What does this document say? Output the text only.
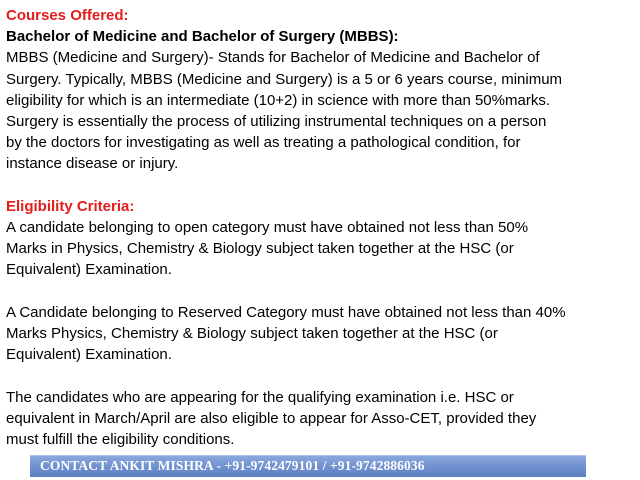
Courses Offered:
Bachelor of Medicine and Bachelor of Surgery (MBBS):
MBBS (Medicine and Surgery)- Stands for Bachelor of Medicine and Bachelor of
Surgery. Typically, MBBS (Medicine and Surgery) is a 5 or 6 years course, minimum
eligibility for which is an intermediate (10+2) in science with more than 50%marks.
Surgery is essentially the process of utilizing instrumental techniques on a person
by the doctors for investigating as well as treating a pathological condition, for
instance disease or injury.
Eligibility Criteria:
A candidate belonging to open category must have obtained not less than 50%
Marks in Physics, Chemistry & Biology subject taken together at the HSC (or
Equivalent) Examination.
A Candidate belonging to Reserved Category must have obtained not less than 40%
Marks Physics, Chemistry & Biology subject taken together at the HSC (or
Equivalent) Examination.
The candidates who are appearing for the qualifying examination i.e. HSC or
equivalent in March/April are also eligible to appear for Asso-CET, provided they
must fulfill the eligibility conditions.
CONTACT ANKIT MISHRA - +91-9742479101 / +91-9742886036
